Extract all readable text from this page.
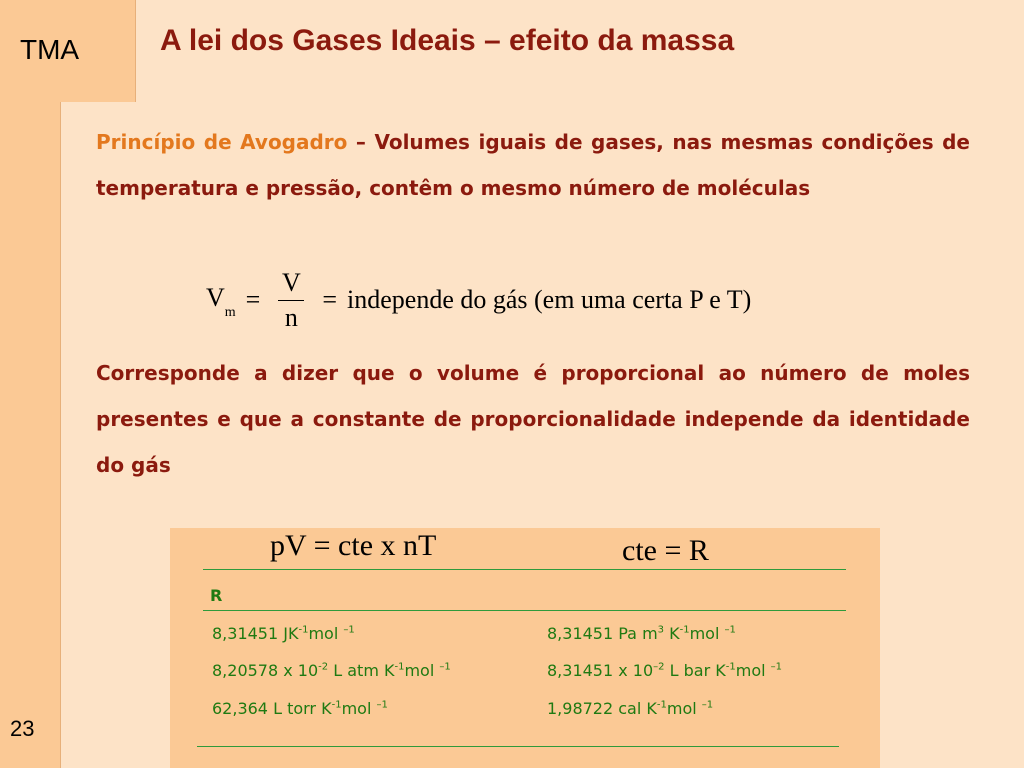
TMA
23
A lei dos Gases Ideais – efeito da massa
Princípio de Avogadro – Volumes iguais de gases, nas mesmas condições de temperatura e pressão, contêm o mesmo número de moléculas
$V_m = \frac{V}{n}$ = independe do gás (em uma certa P e T)
Corresponde a dizer que o volume é proporcional ao número de moles presentes e que a constante de proporcionalidade independe da identidade do gás
pV = cte x nT	cte = R
R
8,31451 $JK^{-1}mol$ $^{-1}$	8,31451 Pa $m^3$ $K^{-1}mol$ $^{-1}$
8,20578 x $10^{-2}$ L atm $K^{-1}mol$ $^{-1}$	8,31451 x $10^{-2}$ L bar $K^{-1}mol$ $^{-1}$
62,364 L torr $K^{-1}mol$ $^{-1}$	1,98722 cal $K^{-1}mol$ $^{-1}$
